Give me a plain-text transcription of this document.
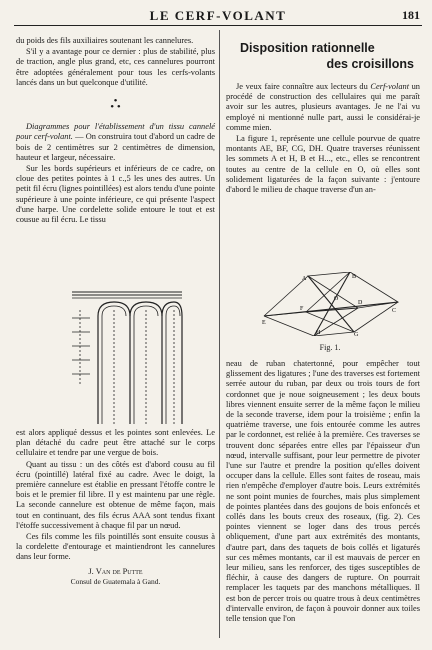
LE CERF-VOLANT	181

du poids des fils auxiliaires soutenant les cannelures.

S'il y a avantage pour ce dernier : plus de stabilité, plus de traction, angle plus grand, etc, ces cannelures pourront être adoptées généralement pour tous les cerfs-volants lancés dans un but quelconque d'utilité.

•
• •

Diagrammes pour l'établissement d'un tissu cannelé pour cerf-volant. — On construira tout d'abord un cadre de bois de 2 centimètres sur 2 centimètres de dimension, hauteur et largeur, nécessaire.

Sur les bords supérieurs et inférieurs de ce cadre, on cloue des petites pointes à 1 c.,5 les unes des autres. Un petit fil écru (lignes pointillées) est alors tendu d'une pointe supérieure à une pointe inférieure, ce qui présente l'aspect d'une harpe. Une cordelette solide entoure le tout et est cousue au fil écru. Le tissu

est alors appliqué dessus et les pointes sont enlevées. Le plan détaché du cadre peut être attaché sur le corps cellulaire et tendre par une vergue de bois.

Quant au tissu : un des côtés est d'abord cousu au fil écru (pointillé) latéral fixé au cadre. Avec le doigt, la première cannelure est établie en pressant l'étoffe contre le bois et le premier fil libre. Il y est maintenu par une règle. La seconde cannelure est obtenue de même façon, mais tout en continuant, des fils écrus AAA sont tendus fixant l'étoffe successivement à chaque fil par un nœud.

Ces fils comme les fils pointillés sont ensuite cousus à la cordelette d'entourage et maintiendront les cannelures dans leur forme.

J. Van de Putte
Consul de Guatemala à Gand.
Disposition rationnelle
des croisillons

Je veux faire connaître aux lecteurs du Cerf-volant un procédé de construction des cellulaires qui me paraît avoir sur les autres, plusieurs avantages. Je ne l'ai vu employé ni mentionné nulle part, aussi le considérai-je comme mien.

La figure 1, représente une cellule pourvue de quatre montants AE, BF, CG, DH. Quatre traverses réunissent les sommets A et H, B et H..., etc., elles se rencontrent toutes au centre de la cellule en O, où elles sont solidement ligaturées de la façon suivante : j'entoure d'abord le milieu de chaque traverse d'un an-

A	B
C
D
E
F
G
H
O
Fig. 1.

neau de ruban chatertonné, pour empêcher tout glissement des ligatures ; l'une des traverses est fortement serrée autour du ruban, par deux ou trois tours de fort cordonnet que je noue soigneusement ; les deux bouts libres viennent ensuite serrer de la même façon le milieu de la seconde traverse, idem pour la troisième ; enfin la quatrième traverse, une fois entourée comme les autres par le cordonnet, est reliée à la première. Ces traverses se trouvent donc séparées entre elles par l'épaisseur d'un nœud, intervalle suffisant, pour leur permettre de pivoter l'une sur l'autre et prendre la position qu'elles doivent occuper dans la cellule. Elles sont faites de roseau, mais rien n'empêche d'employer d'autre bois. Leurs extrémités ne sont point munies de fourches, mais plus simplement de pointes plantées dans des goujons de bois enfoncés et collés dans les bouts creux des roseaux, (fig. 2). Ces pointes viennent se loger dans des trous percés obliquement, d'une part aux extrémités des montants, d'autre part, dans des taquets de bois collés et ligaturés sur ces mêmes montants, car il est mauvais de percer en leur milieu, sans les renforcer, des tiges susceptibles de fléchir, à cause des dangers de rupture. On pourrait remplacer les taquets par des manchons métalliques. Il est bon de percer trois ou quatre trous à deux centimètres d'intervalle environ, de façon à pouvoir donner aux toiles telle tension que l'on
